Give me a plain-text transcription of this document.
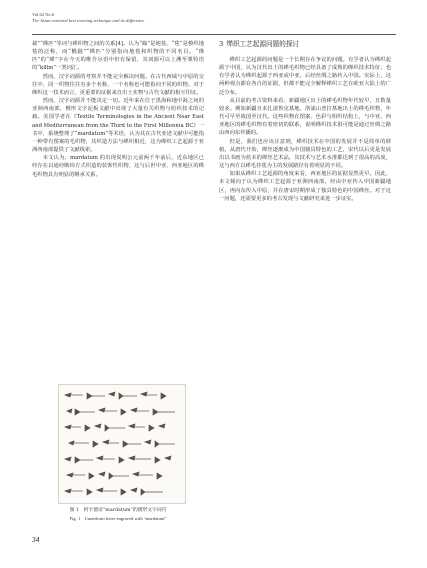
Vol.62 No.6
The Asian-centered kesi weaving technique and its difference

裁”“緙匹”等词与缂织物之间的关系[4]。认为“綠”是地毯，“毯”是梭织地毯的泛称，而“氍毹”“緙匹”分别指向地毯和织物的不同名目。“緙匹”的“緙”字在今天的维吾尔语中仍有保留，其词源可以上溯至粟特语的“kilīm”一类词汇。

然而，汉字词源的考察并不能完全解决问题。在古代西域与中原的交往中，同一织物往往有多个名称，一个名称也可能指向不同的织物。对于缂织这一技术而言，更重要的证据来自出土实物与古代文献的相互印证。

然而，汉字词源并不能决定一切。近年来在位于黑海和地中海之间的亚洲西南部，楔形文字泥板文献中出现了大量有关织物与纺织技术的记载。美国学者在《Textile Terminologies in the Ancient Near East and Mediterranean from the Third to the First Millennia BC》一书中，系统整理了“mardatum”等术语，认为其在古代亚述文献中可能指一种带有图案的毛织物，其织造方法与缂织相近，这为缂织工艺起源于亚洲西南部提供了文献线索。

本文认为，mardatum 的出现说明公元前两千年前后，近东地区已经存在以通经断纬方式织造的装饰性织物，这与后世中亚、西亚地区的缂毛织物具有明显的继承关系。

3  缂织工艺起源问题的探讨

缂织工艺起源的问题是一个长期存在争议的问题。有学者认为缂织起源于中国，认为汉代出土的缂毛织物已经具备了成熟的缂织技术特征；也有学者认为缂织起源于西亚或中亚，后经丝绸之路传入中国。实际上，这两种观点都有各自的证据，但都不能完全解释缂织工艺在欧亚大陆上的广泛分布。

从目前的考古资料来看，新疆地区出土的缂毛织物年代较早，且数量较多。例如新疆且末扎滚鲁克墓地、洛浦山普拉墓地出土的缂毛织物，年代可早至战国至汉代。这些织物在图案、色彩与组织结构上，与中亚、西亚地区的缂毛织物有着密切的联系，说明缂织技术很可能是通过丝绸之路由西向东传播的。

但是，我们也应该注意到，缂织技术在中国的发展并不是简单的移植。从唐代开始，缂丝逐渐成为中国独具特色的工艺，宋代以后更是发展出以书画为蓝本的缂丝艺术品，其技术与艺术水准都达到了很高的高度，这与西方以缂毛挂毯为主的发展路径有着明显的不同。

如果从缂织工艺起源的角度来看，西亚地区的证据显然更早。因此，本文倾向于认为缂织工艺起源于亚洲西南部，经由中亚传入中国新疆地区，再向东传入中原，并在唐宋时期形成了独具特色的中国缂丝。对于这一问题，还需要更多的考古发现与文献研究来进一步证实。

图 1　阿卡德语“mardatum”的楔形文字词符
Fig. 1　Cuneiform letter engraved with “mardatum”
34
